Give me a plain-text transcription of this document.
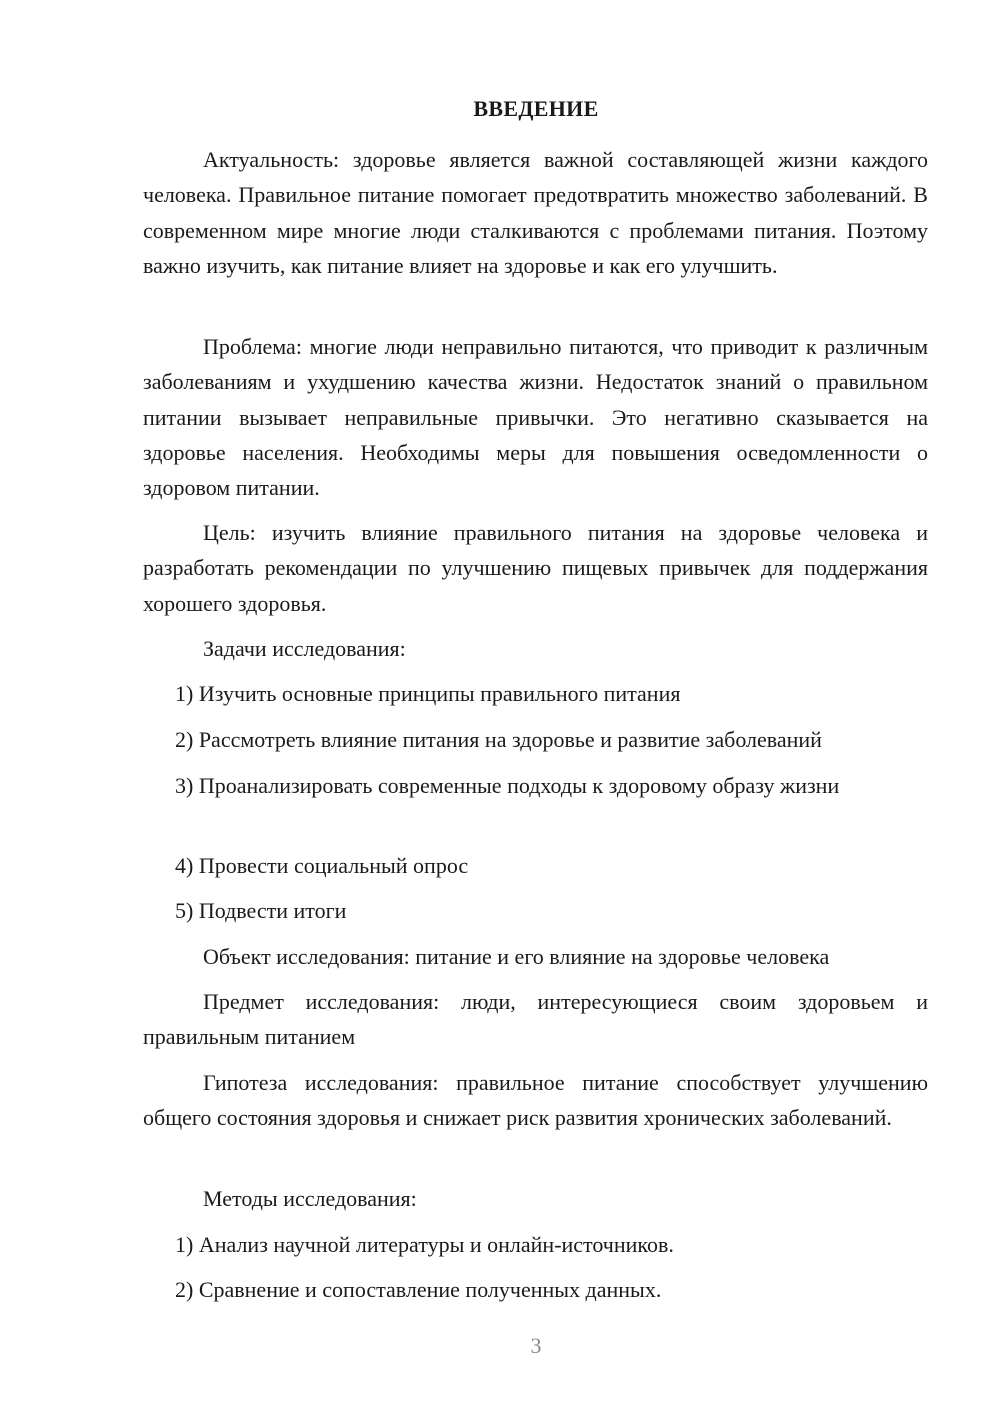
ВВЕДЕНИЕ

Актуальность: здоровье является важной составляющей жизни каждого человека. Правильное питание помогает предотвратить множество заболеваний. В современном мире многие люди сталкиваются с проблемами питания. Поэтому важно изучить, как питание влияет на здоровье и как его улучшить.

Проблема: многие люди неправильно питаются, что приводит к различным заболеваниям и ухудшению качества жизни. Недостаток знаний о правильном питании вызывает неправильные привычки. Это негативно сказывается на здоровье населения. Необходимы меры для повышения осведомленности о здоровом питании.

Цель: изучить влияние правильного питания на здоровье человека и разработать рекомендации по улучшению пищевых привычек для поддержания хорошего здоровья.

Задачи исследования:

1) Изучить основные принципы правильного питания

2) Рассмотреть влияние питания на здоровье и развитие заболеваний

3) Проанализировать современные подходы к здоровому образу жизни

4) Провести социальный опрос

5) Подвести итоги

Объект исследования: питание и его влияние на здоровье человека

Предмет исследования: люди, интересующиеся своим здоровьем и правильным питанием

Гипотеза исследования: правильное питание способствует улучшению общего состояния здоровья и снижает риск развития хронических заболеваний.

Методы исследования:

1) Анализ научной литературы и онлайн-источников.

2) Сравнение и сопоставление полученных данных.

3
